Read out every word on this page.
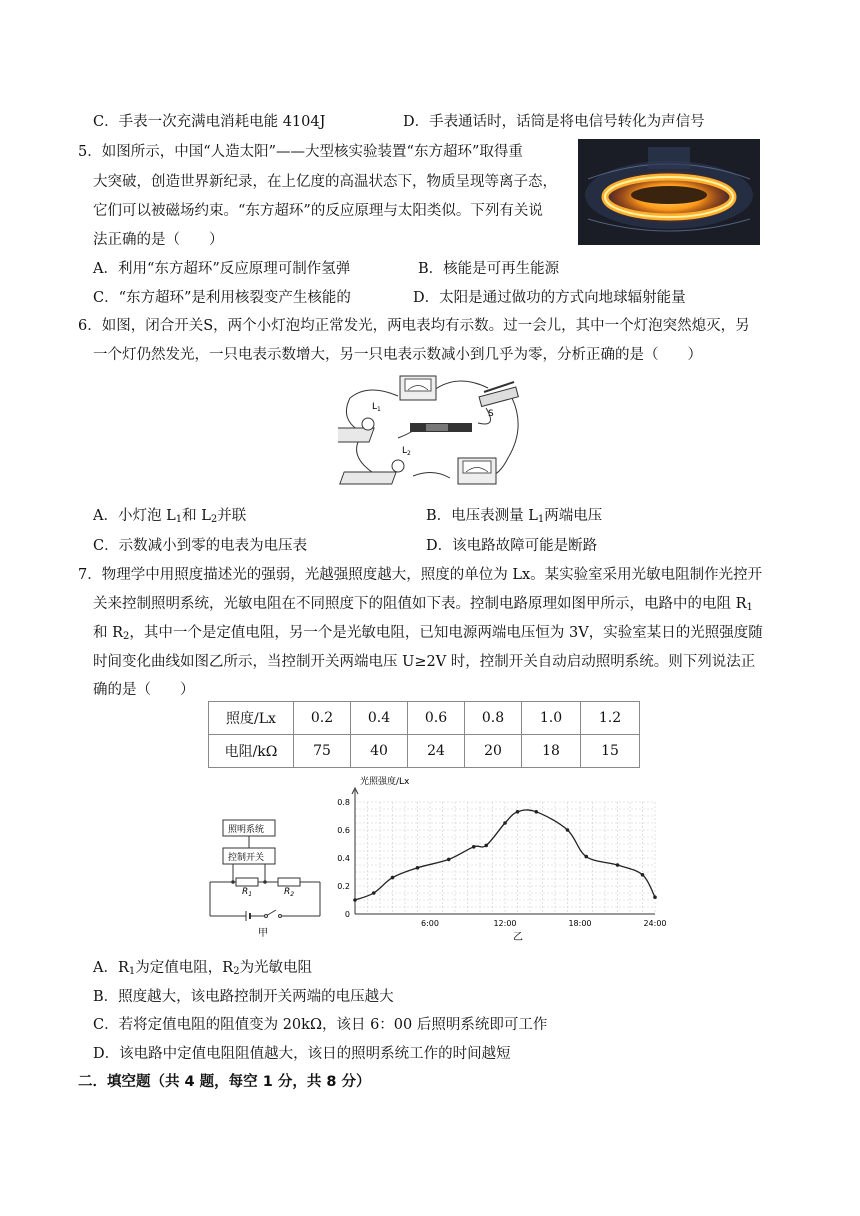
C．手表一次充满电消耗电能 4104J	D．手表通话时，话筒是将电信号转化为声信号
5．如图所示，中国“人造太阳”——大型核实验装置“东方超环”取得重
大突破，创造世界新纪录，在上亿度的高温状态下，物质呈现等离子态，
它们可以被磁场约束。“东方超环”的反应原理与太阳类似。下列有关说
法正确的是（　　）
A．利用“东方超环”反应原理可制作氢弹	B．核能是可再生能源
C．“东方超环”是利用核裂变产生核能的	D．太阳是通过做功的方式向地球辐射能量
6．如图，闭合开关S，两个小灯泡均正常发光，两电表均有示数。过一会儿，其中一个灯泡突然熄灭，另
一个灯仍然发光，一只电表示数增大，另一只电表示数减小到几乎为零，分析正确的是（　　）
S
$L_1$
$L_2$
A．小灯泡 $L_1$和 $L_2$并联	B．电压表测量 $L_1$两端电压
C．示数减小到零的电表为电压表	D．该电路故障可能是断路
7．物理学中用照度描述光的强弱，光越强照度越大，照度的单位为 Lx。某实验室采用光敏电阻制作光控开
关来控制照明系统，光敏电阻在不同照度下的阻值如下表。控制电路原理如图甲所示，电路中的电阻 $R_1$
和 $R_2$，其中一个是定值电阻，另一个是光敏电阻，已知电源两端电压恒为 3V，实验室某日的光照强度随
时间变化曲线如图乙所示，当控制开关两端电压 U≥2V 时，控制开关自动启动照明系统。则下列说法正
确的是（　　）
照度/Lx	0.2	0.4	0.6	0.8	1.0	1.2
电阻/kΩ	75	40	24	20	18	15
照明系统
控制开关
$R_1$	$R_2$
甲
0
0.2
0.4
0.6
0.8
6:00	12:00	18:00	24:00
光照强度/Lx
乙
A．$R_1$为定值电阻，$R_2$为光敏电阻
B．照度越大，该电路控制开关两端的电压越大
C．若将定值电阻的阻值变为 20kΩ，该日 6：00 后照明系统即可工作
D．该电路中定值电阻阻值越大，该日的照明系统工作的时间越短
二．填空题（共 4 题，每空 1 分，共 8 分）
